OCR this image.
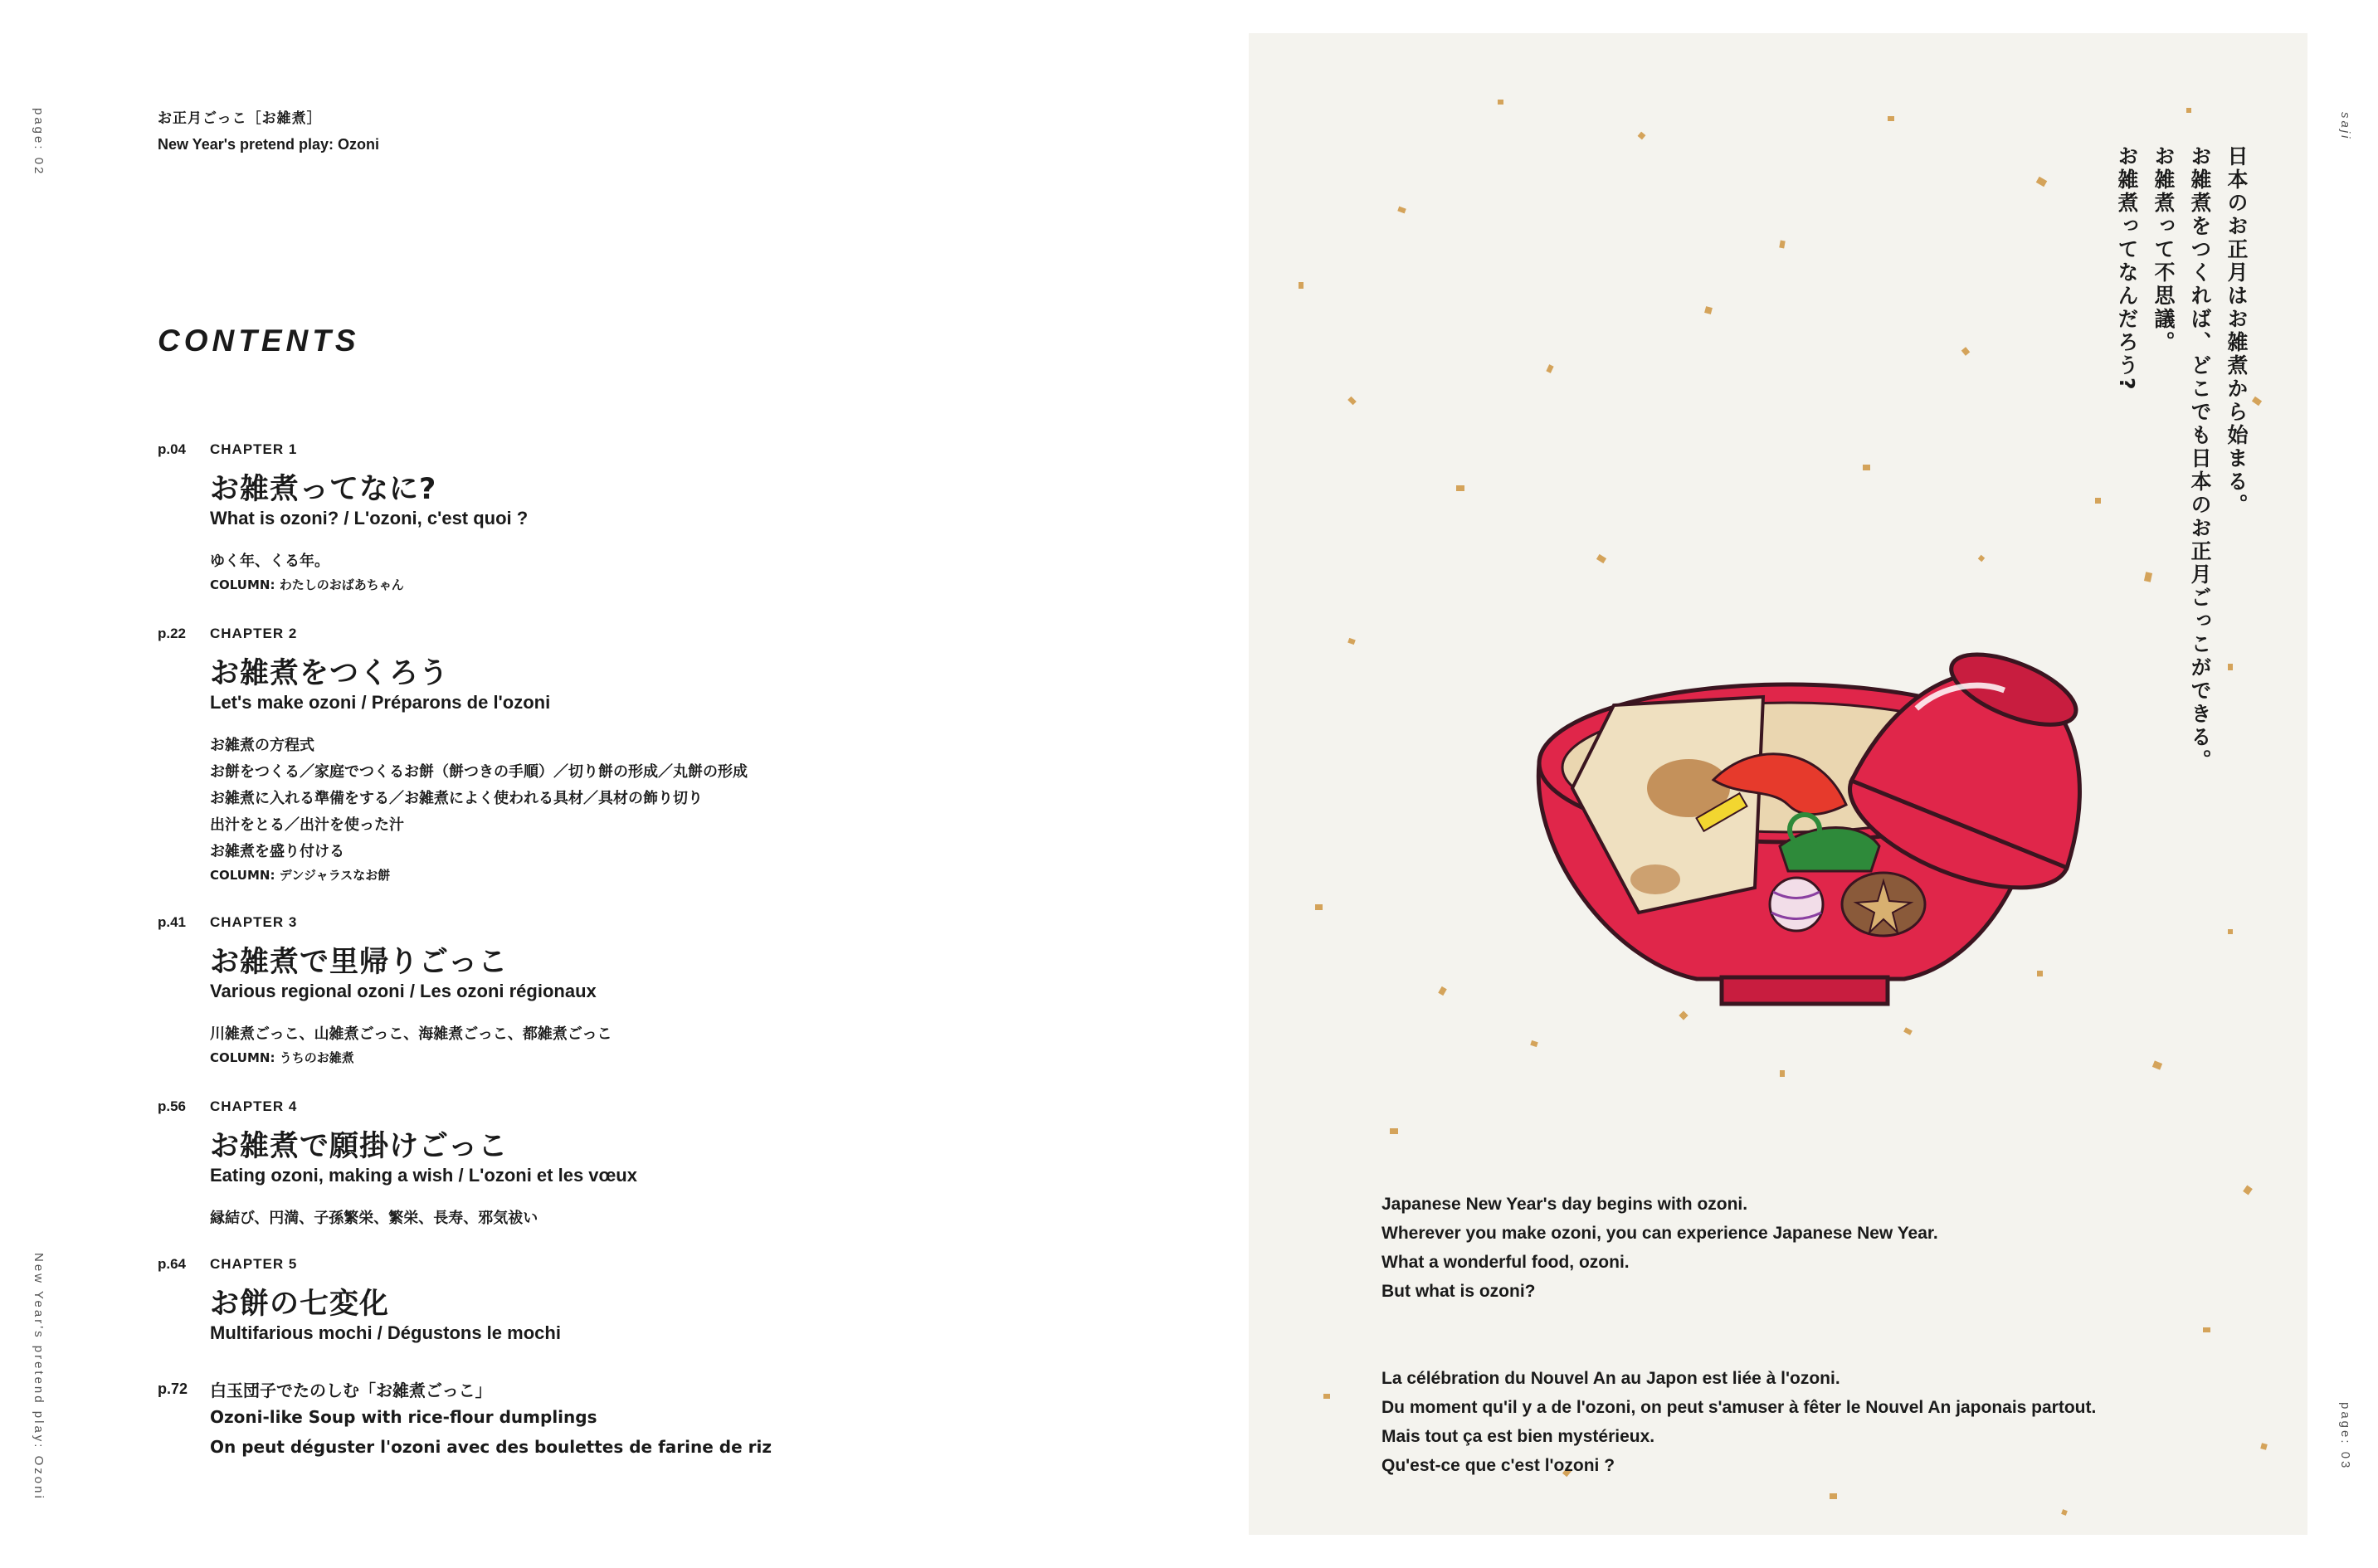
page: 02
New Year's pretend play: Ozoni
お正月ごっこ［お雑煮］
New Year's pretend play: Ozoni
CONTENTS
p.04 CHAPTER 1
お雑煮ってなに?
What is ozoni? / L'ozoni, c'est quoi ?
ゆく年、くる年。
COLUMN: わたしのおばあちゃん
p.22 CHAPTER 2
お雑煮をつくろう
Let's make ozoni / Préparons de l'ozoni
お雑煮の方程式
お餅をつくる／家庭でつくるお餅（餅つきの手順）／切り餅の形成／丸餅の形成
お雑煮に入れる準備をする／お雑煮によく使われる具材／具材の飾り切り
出汁をとる／出汁を使った汁
お雑煮を盛り付ける
COLUMN: デンジャラスなお餅
p.41 CHAPTER 3
お雑煮で里帰りごっこ
Various regional ozoni / Les ozoni régionaux
川雑煮ごっこ、山雑煮ごっこ、海雑煮ごっこ、都雑煮ごっこ
COLUMN: うちのお雑煮
p.56 CHAPTER 4
お雑煮で願掛けごっこ
Eating ozoni, making a wish / L'ozoni et les vœux
縁結び、円満、子孫繁栄、繁栄、長寿、邪気祓い
p.64 CHAPTER 5
お餅の七変化
Multifarious mochi / Dégustons le mochi
p.72 白玉団子でたのしむ「お雑煮ごっこ」
Ozoni-like Soup with rice-flour dumplings
On peut déguster l'ozoni avec des boulettes de farine de riz
日本のお正月はお雑煮から始まる。
お雑煮をつくれば、どこでも日本のお正月ごっこができる。
お雑煮って不思議。
お雑煮ってなんだろう?
Japanese New Year's day begins with ozoni.
Wherever you make ozoni, you can experience Japanese New Year.
What a wonderful food, ozoni.
But what is ozoni?
La célébration du Nouvel An au Japon est liée à l'ozoni.
Du moment qu'il y a de l'ozoni, on peut s'amuser à fêter le Nouvel An japonais partout.
Mais tout ça est bien mystérieux.
Qu'est-ce que c'est l'ozoni ?
saji
page: 03
